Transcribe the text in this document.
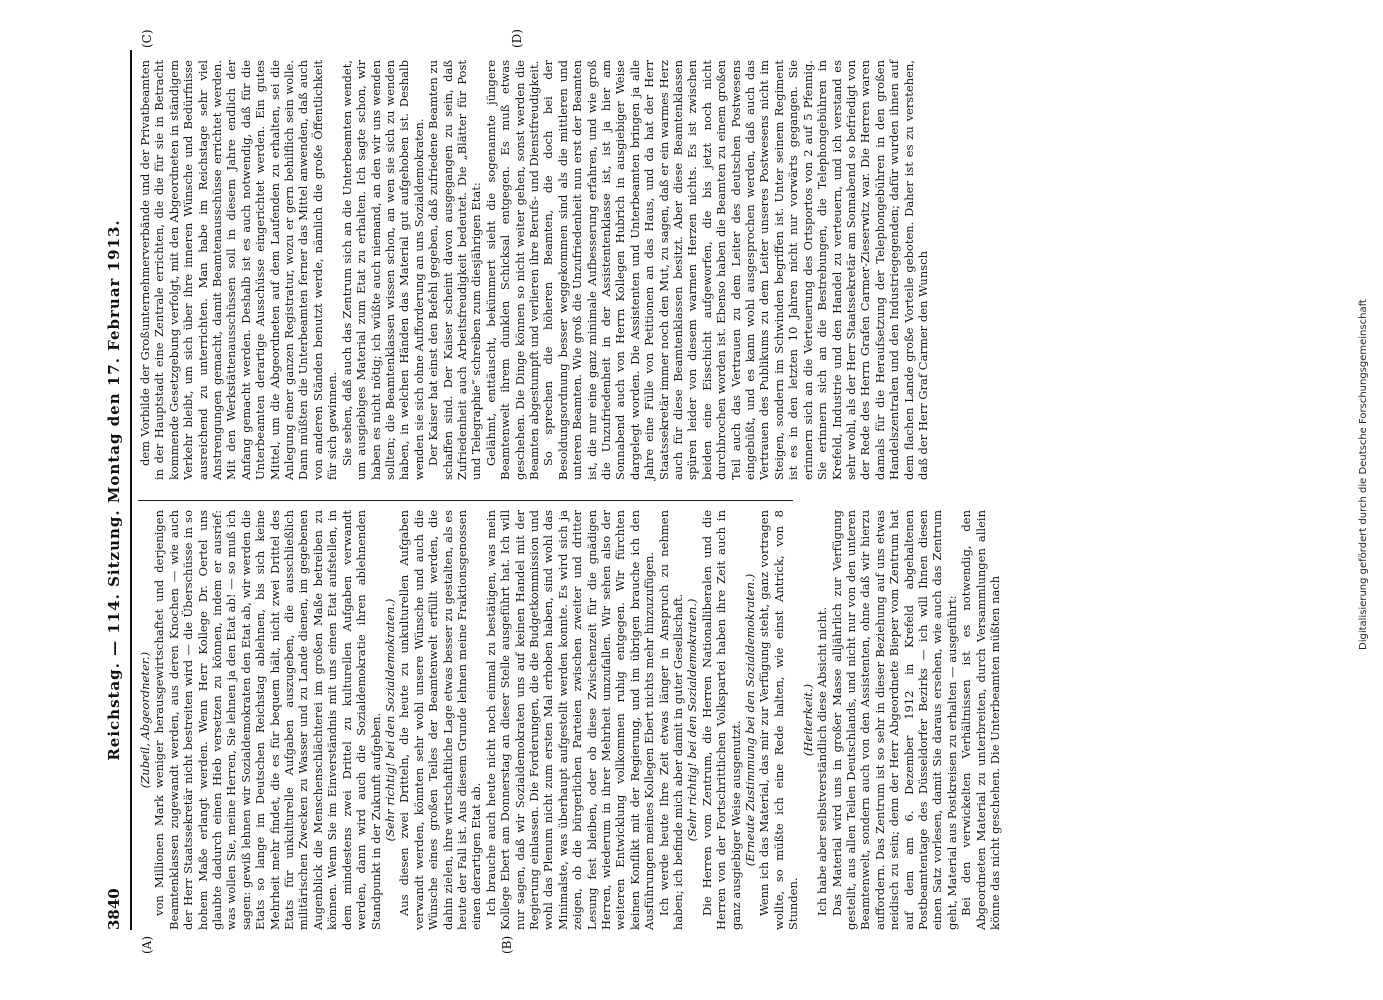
3840
Reichstag. — 114. Sitzung. Montag den 17. Februar 1913.
(A)	(B)
(C)	(D)

(Zubeil, Abgeordneter.) von Millionen Mark weniger herausgewirtschaftet und derjenigen Beamtenklassen zugewandt werden, aus deren Knochen — wie auch der Herr Staatssekretär nicht bestreiten wird — die Überschüsse in so hohem Maße erlangt werden. Wenn Herr Kollege Dr. Oertel uns glaubte dadurch einen Hieb versetzen zu können, indem er ausrief: was wollen Sie, meine Herren, Sie lehnen ja den Etat ab! — so muß ich sagen: gewiß lehnen wir Sozialdemokraten den Etat ab, wir werden die Etats so lange im Deutschen Reichstag ablehnen, bis sich keine Mehrheit mehr findet, die es für bequem hält, nicht zwei Drittel des Etats für unkulturelle Aufgaben auszugeben, die ausschließlich militärischen Zwecken zu Wasser und zu Lande dienen, im gegebenen Augenblick die Menschenschlächterei im großen Maße betreiben zu können. Wenn Sie im Einverständnis mit uns einen Etat aufstellen, in dem mindestens zwei Drittel zu kulturellen Aufgaben verwandt werden, dann wird auch die Sozialdemokratie ihren ablehnenden Standpunkt in der Zukunft aufgeben. (Sehr richtig! bei den Sozialdemokraten.) Aus diesen zwei Dritteln, die heute zu unkulturellen Aufgaben verwandt werden, könnten sehr wohl unsere Wünsche und auch die Wünsche eines großen Teiles der Beamtenwelt erfüllt werden, die dahin zielen, ihre wirtschaftliche Lage etwas besser zu gestalten, als es heute der Fall ist. Aus diesem Grunde lehnen meine Fraktionsgenossen einen derartigen Etat ab. Ich brauche auch heute nicht noch einmal zu bestätigen, was mein Kollege Ebert am Donnerstag an dieser Stelle ausgeführt hat. Ich will nur sagen, daß wir Sozialdemokraten uns auf keinen Handel mit der Regierung einlassen. Die Forderungen, die die Budgetkommission und wohl das Plenum nicht zum ersten Mal erhoben haben, sind wohl das Minimalste, was überhaupt aufgestellt werden konnte. Es wird sich ja zeigen, ob die bürgerlichen Parteien zwischen zweiter und dritter Lesung fest bleiben, oder ob diese Zwischenzeit für die gnädigen Herren, wiederum in ihrer Mehrheit umzufallen. Wir sehen also der weiteren Entwicklung vollkommen ruhig entgegen. Wir fürchten keinen Konflikt mit der Regierung, und im übrigen brauche ich den Ausführungen meines Kollegen Ebert nichts mehr hinzuzufügen. Ich werde heute Ihre Zeit etwas länger in Anspruch zu nehmen haben; ich befinde mich aber damit in guter Gesellschaft. (Sehr richtig! bei den Sozialdemokraten.) Die Herren vom Zentrum, die Herren Nationalliberalen und die Herren von der Fortschrittlichen Volkspartei haben ihre Zeit auch in ganz ausgiebiger Weise ausgenutzt. (Erneute Zustimmung bei den Sozialdemokraten.) Wenn ich das Material, das mir zur Verfügung steht, ganz vortragen wollte, so müßte ich eine Rede halten, wie einst Antrick, von 8 Stunden.

(Heiterkeit.) Ich habe aber selbstverständlich diese Absicht nicht. Das Material wird uns in großer Masse alljährlich zur Verfügung gestellt, aus allen Teilen Deutschlands, und nicht nur von den unteren Beamtenwelt, sondern auch von den Assistenten, ohne daß wir hierzu auffordern. Das Zentrum ist so sehr in dieser Beziehung auf uns etwas neidisch zu sein; denn der Herr Abgeordnete Bieper vom Zentrum hat auf dem am 6. Dezember 1912 in Krefeld abgehaltenen Postbeamtentage des Düsseldorfer Bezirks — ich will Ihnen diesen einen Satz vorlesen, damit Sie daraus ersehen, wie auch das Zentrum geht, Material aus Postkreisen zu erhalten — ausgeführt: Bei den verwickelten Verhältnissen ist es notwendig, den Abgeordneten Material zu unterbreiten, durch Versammlungen allein könne das nicht geschehen. Die Unterbeamten müßten nach

dem Vorbilde der Großunternehmerverbände und der Privatbeamten in der Hauptstadt eine Zentrale errichten, die die für sie in Betracht kommende Gesetzgebung verfolgt, mit den Abgeordneten in ständigem Verkehr bleibt, um sich über ihre inneren Wünsche und Bedürfnisse ausreichend zu unterrichten. Man habe im Reichstage sehr viel Anstrengungen gemacht, damit Beamtenausschüsse errichtet werden. Mit den Werkstättenausschüssen soll in diesem Jahre endlich der Anfang gemacht werden. Deshalb ist es auch notwendig, daß für die Unterbeamten derartige Ausschüsse eingerichtet werden. Ein gutes Mittel, um die Abgeordneten auf dem Laufenden zu erhalten, sei die Anlegung einer ganzen Registratur, wozu er gern behilflich sein wolle. Dann müßten die Unterbeamten ferner das Mittel anwenden, daß auch von anderen Ständen benutzt werde, nämlich die große Öffentlichkeit für sich gewinnen. Sie sehen, daß auch das Zentrum sich an die Unterbeamten wendet, um ausgiebiges Material zum Etat zu erhalten. Ich sagte schon, wir haben es nicht nötig; ich wüßte auch niemand, an den wir uns wenden sollten; die Beamtenklassen wissen schon, an wen sie sich zu wenden haben, in welchen Händen das Material gut aufgehoben ist. Deshalb wenden sie sich ohne Aufforderung an uns Sozialdemokraten. Der Kaiser hat einst den Befehl gegeben, daß zufriedene Beamten zu schaffen sind. Der Kaiser scheint davon ausgegangen zu sein, daß Zufriedenheit auch Arbeitsfreudigkeit bedeutet. Die „Blätter für Post und Telegraphie“ schreiben zum diesjährigen Etat: Gelähmt, enttäuscht, bekümmert sieht die sogenannte jüngere Beamtenwelt ihrem dunklen Schicksal entgegen. Es muß etwas geschehen. Die Dinge können so nicht weiter gehen, sonst werden die Beamten abgestumpft und verlieren ihre Berufs- und Dienstfreudigkeit. So sprechen die höheren Beamten, die doch bei der Besoldungsordnung besser weggekommen sind als die mittleren und unteren Beamten. Wie groß die Unzufriedenheit nun erst der Beamten ist, die nur eine ganz minimale Aufbesserung erfahren, und wie groß die Unzufriedenheit in der Assistentenklasse ist, ist ja hier am Sonnabend auch von Herrn Kollegen Hubrich in ausgiebiger Weise dargelegt worden. Die Assistenten und Unterbeamten bringen ja alle Jahre eine Fülle von Petitionen an das Haus, und da hat der Herr Staatssekretär immer noch den Mut, zu sagen, daß er ein warmes Herz auch für diese Beamtenklassen besitzt. Aber diese Beamtenklassen spüren leider von diesem warmen Herzen nichts. Es ist zwischen beiden eine Eisschicht aufgeworfen, die bis jetzt noch nicht durchbrochen worden ist. Ebenso haben die Beamten zu einem großen Teil auch das Vertrauen zu dem Leiter des deutschen Postwesens eingebüßt, und es kann wohl ausgesprochen werden, daß auch das Vertrauen des Publikums zu dem Leiter unseres Postwesens nicht im Steigen, sondern im Schwinden begriffen ist. Unter seinem Regiment ist es in den letzten 10 Jahren nicht nur vorwärts gegangen. Sie erinnern sich an die Verteuerung des Ortsportos von 2 auf 5 Pfennig. Sie erinnern sich an die Bestrebungen, die Telephongebühren in Krefeld, Industrie und den Handel zu verteuern, und ich verstand es sehr wohl, als der Herr Staatssekretär am Sonnabend so befriedigt von der Rede des Herrn Grafen Carmer-Zieserwitz war. Die Herren waren damals für die Heraufsetzung der Telephongebühren in den großen Handelszentralen und den Industriegegenden; dafür wurden ihnen auf dem flachen Lande große Vorteile geboten. Daher ist es zu verstehen, daß der Herr Graf Carmer den Wunsch	Digitalisierung gefördert durch die Deutsche Forschungsgemeinschaft
